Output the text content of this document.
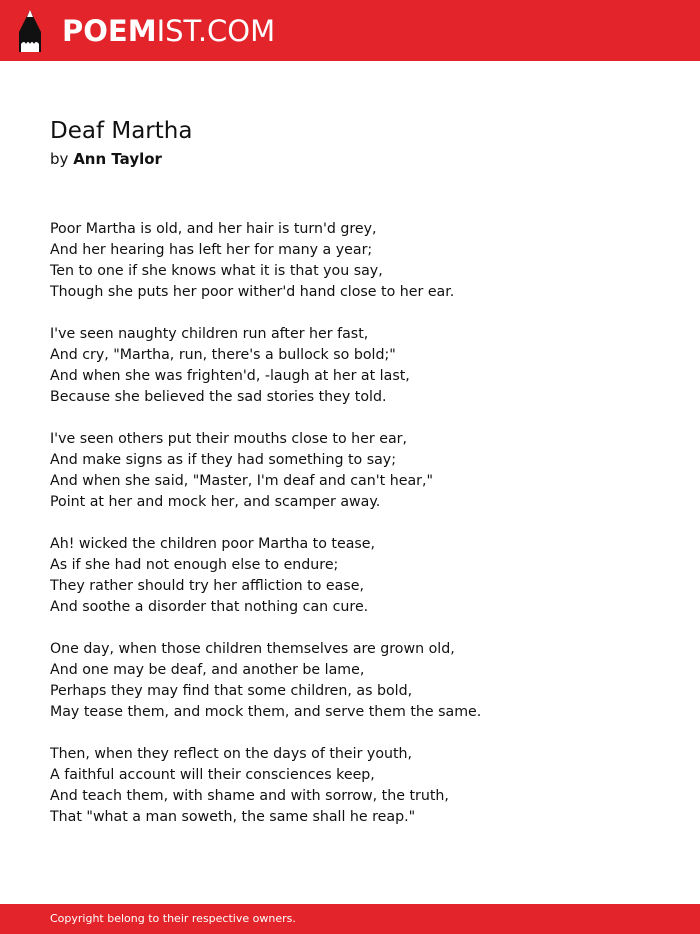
POEMIST.COM
Deaf Martha
by Ann Taylor
Poor Martha is old, and her hair is turn'd grey,
And her hearing has left her for many a year;
Ten to one if she knows what it is that you say,
Though she puts her poor wither'd hand close to her ear.
I've seen naughty children run after her fast,
And cry, "Martha, run, there's a bullock so bold;"
And when she was frighten'd, -laugh at her at last,
Because she believed the sad stories they told.
I've seen others put their mouths close to her ear,
And make signs as if they had something to say;
And when she said, "Master, I'm deaf and can't hear,"
Point at her and mock her, and scamper away.
Ah! wicked the children poor Martha to tease,
As if she had not enough else to endure;
They rather should try her affliction to ease,
And soothe a disorder that nothing can cure.
One day, when those children themselves are grown old,
And one may be deaf, and another be lame,
Perhaps they may find that some children, as bold,
May tease them, and mock them, and serve them the same.
Then, when they reflect on the days of their youth,
A faithful account will their consciences keep,
And teach them, with shame and with sorrow, the truth,
That "what a man soweth, the same shall he reap."
Copyright belong to their respective owners.
